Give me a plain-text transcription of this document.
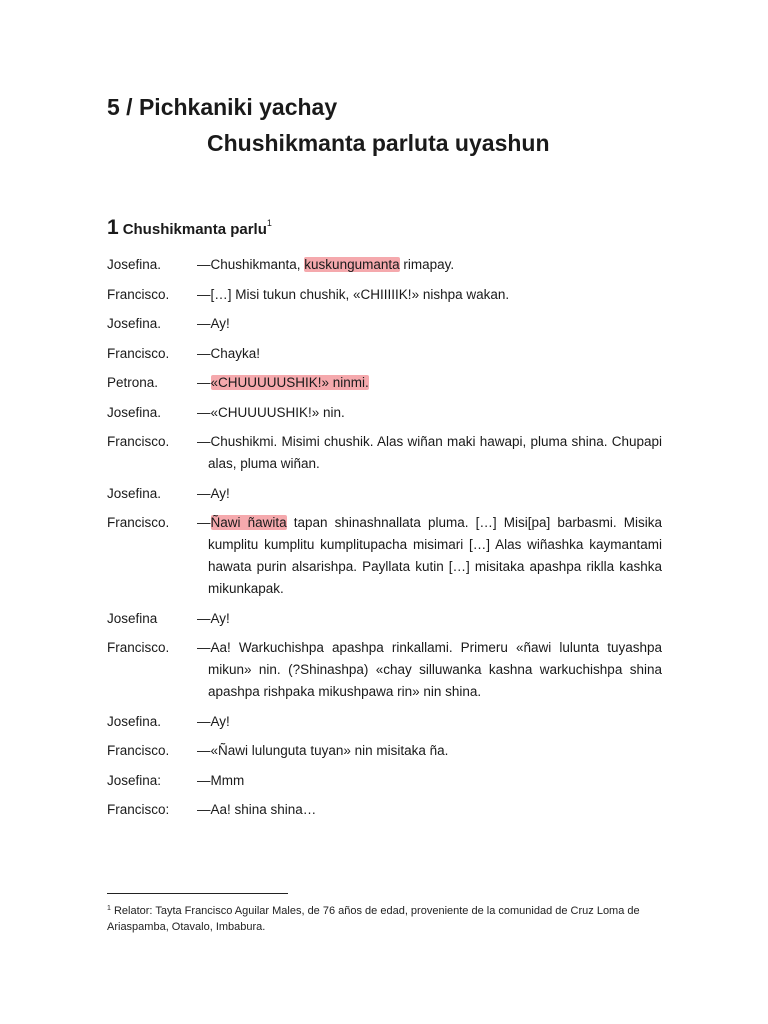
5 / Pichkaniki yachay
Chushikmanta parluta uyashun
1 Chushikmanta parlu$^1$
Josefina.	—Chushikmanta, kuskungumanta rimapay.
Francisco.	—[…] Misi tukun chushik, «CHIIIIIK!» nishpa wakan.
Josefina.	—Ay!
Francisco.	—Chayka!
Petrona.	—«CHUUUUUSHIK!» ninmi.
Josefina.	—«CHUUUUSHIK!» nin.
Francisco.	—Chushikmi. Misimi chushik. Alas wiñan maki hawapi, pluma shina. Chupapi alas, pluma wiñan.
Josefina.	—Ay!
Francisco.	—Ñawi ñawita tapan shinashnallata pluma. […] Misi[pa] barbasmi. Misika kumplitu kumplitu kumplitupacha misimari […] Alas wiñashka kaymantami hawata purin alsarishpa. Payllata kutin […] misitaka apashpa riklla kashka mikunkapak.
Josefina	—Ay!
Francisco.	—Aa! Warkuchishpa apashpa rinkallami. Primeru «ñawi lulunta tuyashpa mikun» nin. (?Shinashpa) «chay silluwanka kashna warkuchishpa shina apashpa rishpaka mikushpawa rin» nin shina.
Josefina.	—Ay!
Francisco.	—«Ñawi lulunguta tuyan» nin misitaka ña.
Josefina:	—Mmm
Francisco:	—Aa! shina shina…
$^1$ Relator: Tayta Francisco Aguilar Males, de 76 años de edad, proveniente de la comunidad de Cruz Loma de Ariaspamba, Otavalo, Imbabura.
